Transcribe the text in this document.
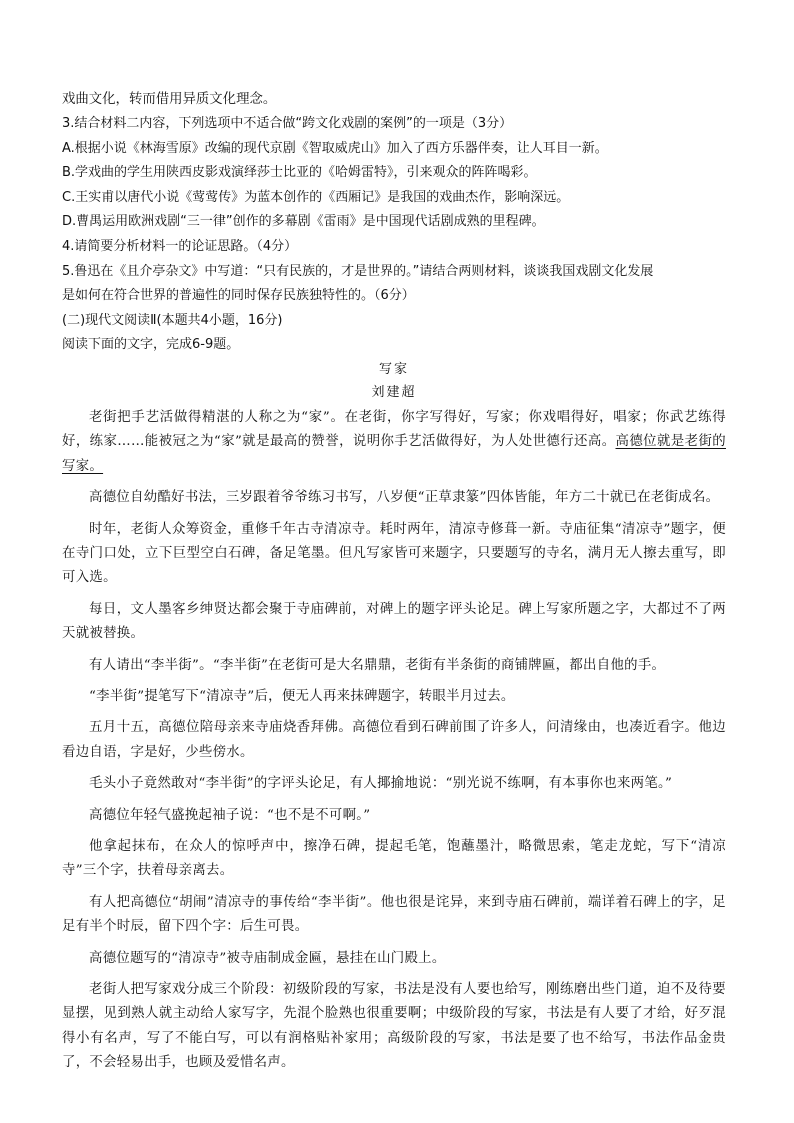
戏曲文化，转而借用异质文化理念。
3.结合材料二内容，下列选项中不适合做“跨文化戏剧的案例”的一项是（3分）
A.根据小说《林海雪原》改编的现代京剧《智取威虎山》加入了西方乐器伴奏，让人耳目一新。
B.学戏曲的学生用陕西皮影戏演绎莎士比亚的《哈姆雷特》，引来观众的阵阵喝彩。
C.王实甫以唐代小说《莺莺传》为蓝本创作的《西厢记》是我国的戏曲杰作，影响深远。
D.曹禺运用欧洲戏剧“三一律”创作的多幕剧《雷雨》是中国现代话剧成熟的里程碑。
4.请简要分析材料一的论证思路。（4分）
5.鲁迅在《且介亭杂文》中写道：“只有民族的，才是世界的。”请结合两则材料，谈谈我国戏剧文化发展
是如何在符合世界的普遍性的同时保存民族独特性的。（6分）
(二)现代文阅读Ⅱ(本题共4小题，16分)
阅读下面的文字，完成6-9题。
写家
刘建超

老街把手艺活做得精湛的人称之为“家”。在老街，你字写得好，写家；你戏唱得好，唱家；你武艺练得好，练家……能被冠之为“家”就是最高的赞誉，说明你手艺活做得好，为人处世德行还高。高德位就是老街的写家。

高德位自幼酷好书法，三岁跟着爷爷练习书写，八岁便“正草隶篆”四体皆能，年方二十就已在老街成名。

时年，老街人众筹资金，重修千年古寺清凉寺。耗时两年，清凉寺修葺一新。寺庙征集“清凉寺”题字，便在寺门口处，立下巨型空白石碑，备足笔墨。但凡写家皆可来题字，只要题写的寺名，满月无人擦去重写，即可入选。

每日，文人墨客乡绅贤达都会聚于寺庙碑前，对碑上的题字评头论足。碑上写家所题之字，大都过不了两天就被替换。

有人请出“李半街”。“李半街”在老街可是大名鼎鼎，老街有半条街的商铺牌匾，都出自他的手。

“李半街”提笔写下“清凉寺”后，便无人再来抹碑题字，转眼半月过去。

五月十五，高德位陪母亲来寺庙烧香拜佛。高德位看到石碑前围了许多人，问清缘由，也凑近看字。他边看边自语，字是好，少些傍水。

毛头小子竟然敢对“李半街”的字评头论足，有人揶揄地说：“别光说不练啊，有本事你也来两笔。”

高德位年轻气盛挽起袖子说：“也不是不可啊。”

他拿起抹布，在众人的惊呼声中，擦净石碑，提起毛笔，饱蘸墨汁，略微思索，笔走龙蛇，写下“清凉寺”三个字，扶着母亲离去。

有人把高德位“胡闹”清凉寺的事传给“李半街”。他也很是诧异，来到寺庙石碑前，端详着石碑上的字，足足有半个时辰，留下四个字：后生可畏。

高德位题写的“清凉寺”被寺庙制成金匾，悬挂在山门殿上。

老街人把写家戏分成三个阶段：初级阶段的写家，书法是没有人要也给写，刚练磨出些门道，迫不及待要显摆，见到熟人就主动给人家写字，先混个脸熟也很重要啊；中级阶段的写家，书法是有人要了才给，好歹混得小有名声，写了不能白写，可以有润格贴补家用；高级阶段的写家，书法是要了也不给写，书法作品金贵了，不会轻易出手，也顾及爱惜名声。
